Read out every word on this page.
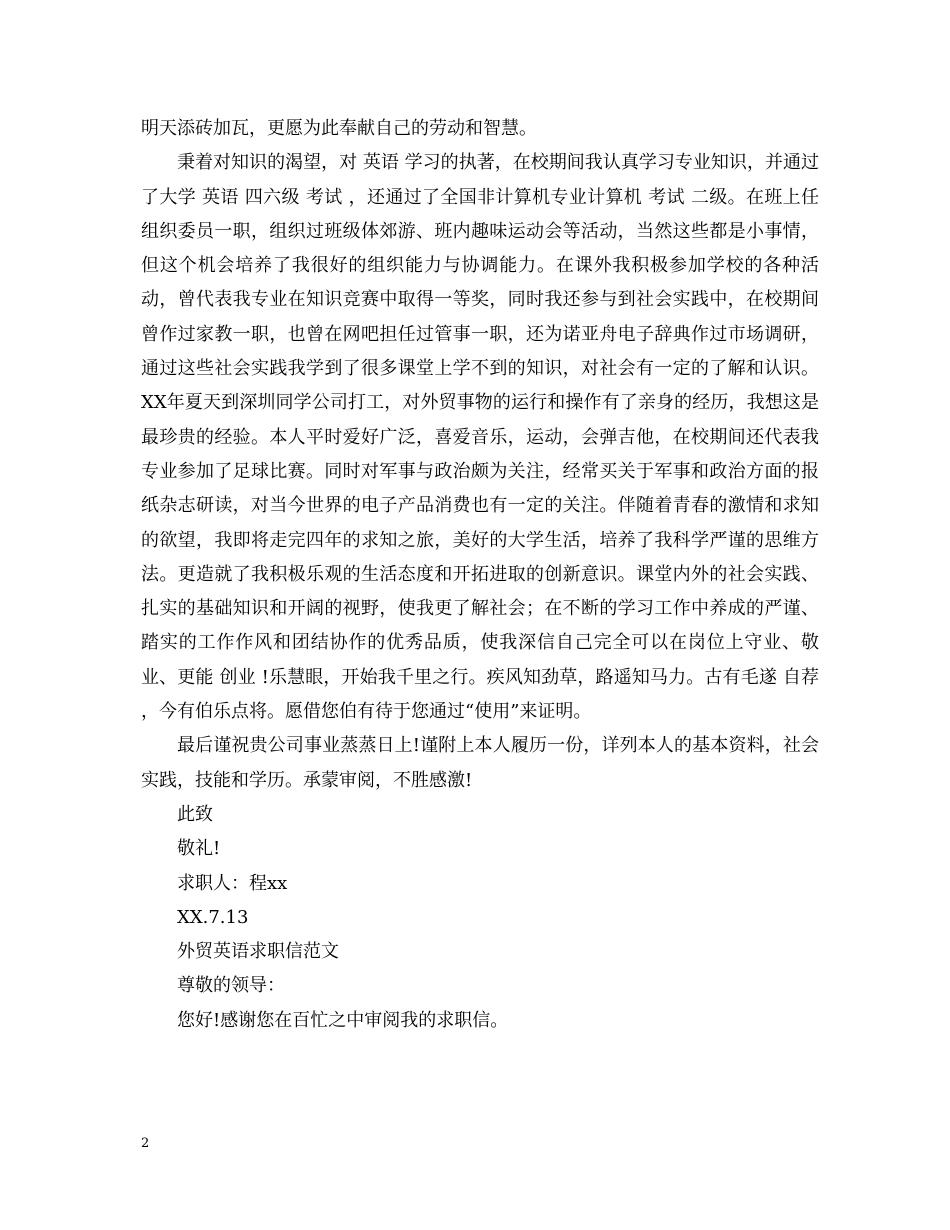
明天添砖加瓦，更愿为此奉献自己的劳动和智慧。

秉着对知识的渴望，对 英语 学习的执著，在校期间我认真学习专业知识，并通过了大学 英语 四六级 考试 ，还通过了全国非计算机专业计算机 考试 二级。在班上任组织委员一职，组织过班级体郊游、班内趣味运动会等活动，当然这些都是小事情，但这个机会培养了我很好的组织能力与协调能力。在课外我积极参加学校的各种活动，曾代表我专业在知识竞赛中取得一等奖，同时我还参与到社会实践中，在校期间曾作过家教一职，也曾在网吧担任过管事一职，还为诺亚舟电子辞典作过市场调研，通过这些社会实践我学到了很多课堂上学不到的知识，对社会有一定的了解和认识。XX年夏天到深圳同学公司打工，对外贸事物的运行和操作有了亲身的经历，我想这是最珍贵的经验。本人平时爱好广泛，喜爱音乐，运动，会弹吉他，在校期间还代表我专业参加了足球比赛。同时对军事与政治颇为关注，经常买关于军事和政治方面的报纸杂志研读，对当今世界的电子产品消费也有一定的关注。伴随着青春的激情和求知的欲望，我即将走完四年的求知之旅，美好的大学生活，培养了我科学严谨的思维方法。更造就了我积极乐观的生活态度和开拓进取的创新意识。课堂内外的社会实践、扎实的基础知识和开阔的视野，使我更了解社会；在不断的学习工作中养成的严谨、踏实的工作作风和团结协作的优秀品质，使我深信自己完全可以在岗位上守业、敬业、更能 创业 !乐慧眼，开始我千里之行。疾风知劲草，路遥知马力。古有毛遂 自荐 ，今有伯乐点将。愿借您伯有待于您通过“使用”来证明。

最后谨祝贵公司事业蒸蒸日上!谨附上本人履历一份，详列本人的基本资料，社会实践，技能和学历。承蒙审阅，不胜感激!

此致

敬礼!

求职人：程xx

XX.7.13

外贸英语求职信范文

尊敬的领导：

您好!感谢您在百忙之中审阅我的求职信。

2
